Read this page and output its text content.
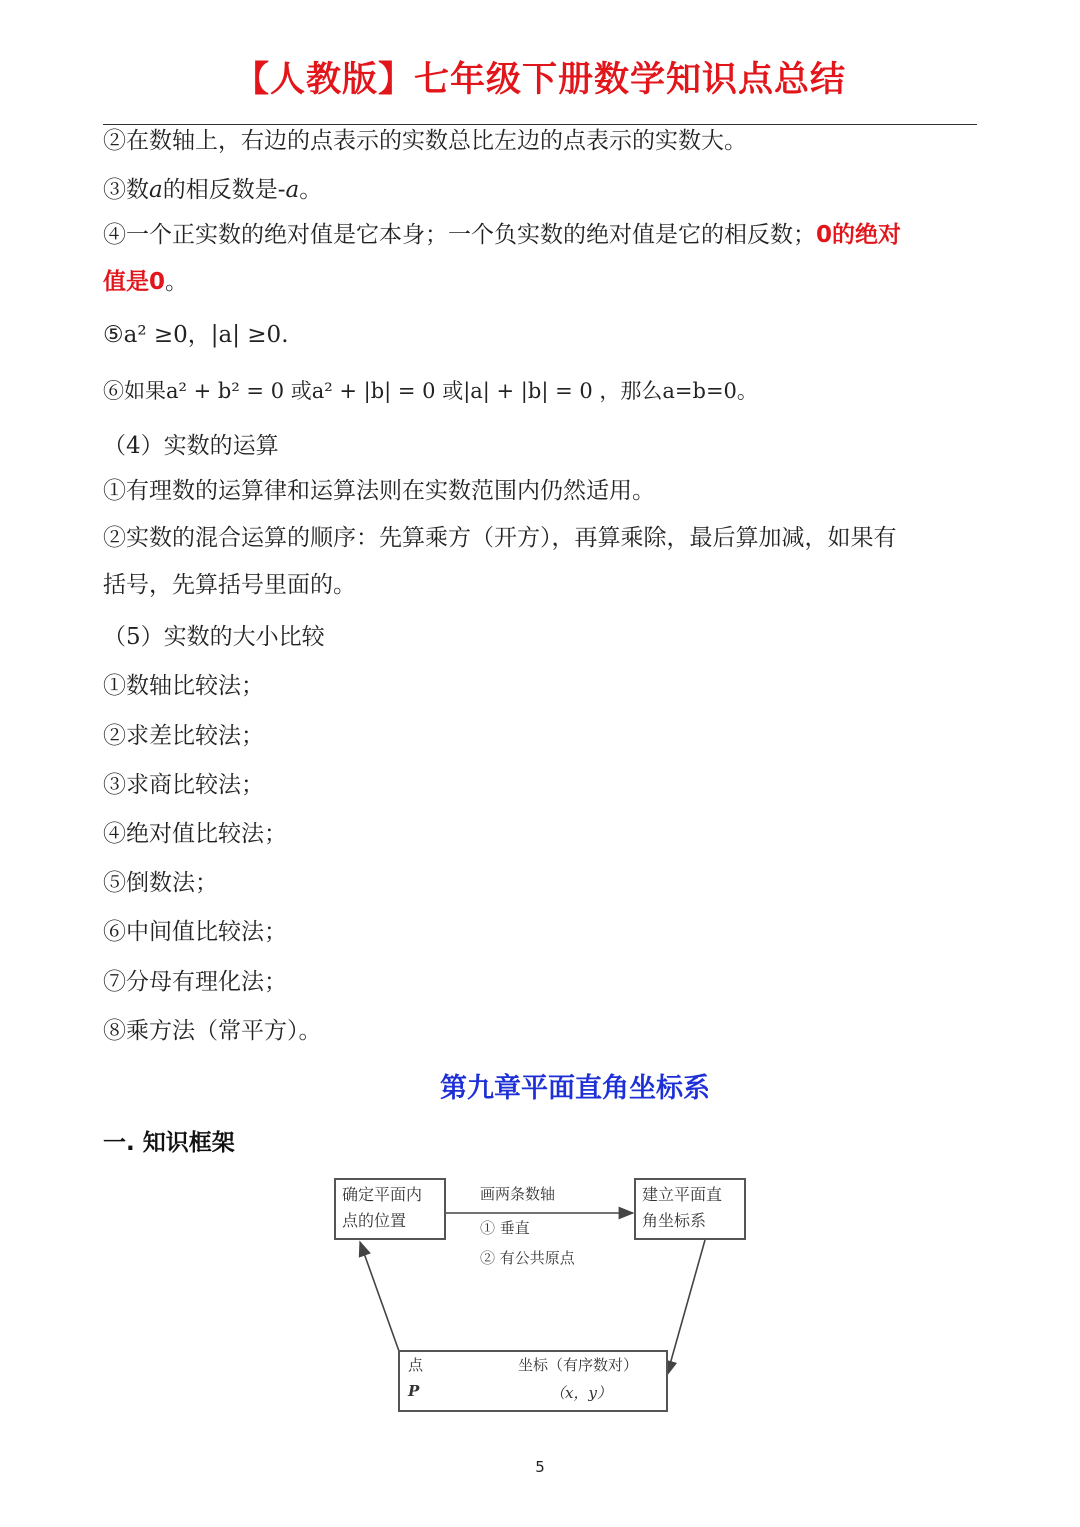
【人教版】七年级下册数学知识点总结
②在数轴上，右边的点表示的实数总比左边的点表示的实数大。
③数a的相反数是-a。
④一个正实数的绝对值是它本身；一个负实数的绝对值是它的相反数；0的绝对
值是0。
⑤a² ≥0，|a| ≥0.
⑥如果a² + b² = 0 或a² + |b| = 0 或|a| + |b| = 0 ，那么a=b=0。
（4）实数的运算
①有理数的运算律和运算法则在实数范围内仍然适用。
②实数的混合运算的顺序：先算乘方（开方），再算乘除，最后算加减，如果有
括号，先算括号里面的。
（5）实数的大小比较
①数轴比较法；
②求差比较法；
③求商比较法；
④绝对值比较法；
⑤倒数法；
⑥中间值比较法；
⑦分母有理化法；
⑧乘方法（常平方）。
第九章平面直角坐标系
一. 知识框架
确定平面内
点的位置
建立平面直
角坐标系
画两条数轴
① 垂直
② 有公共原点
点
P
坐标（有序数对）
（x，y）
5
